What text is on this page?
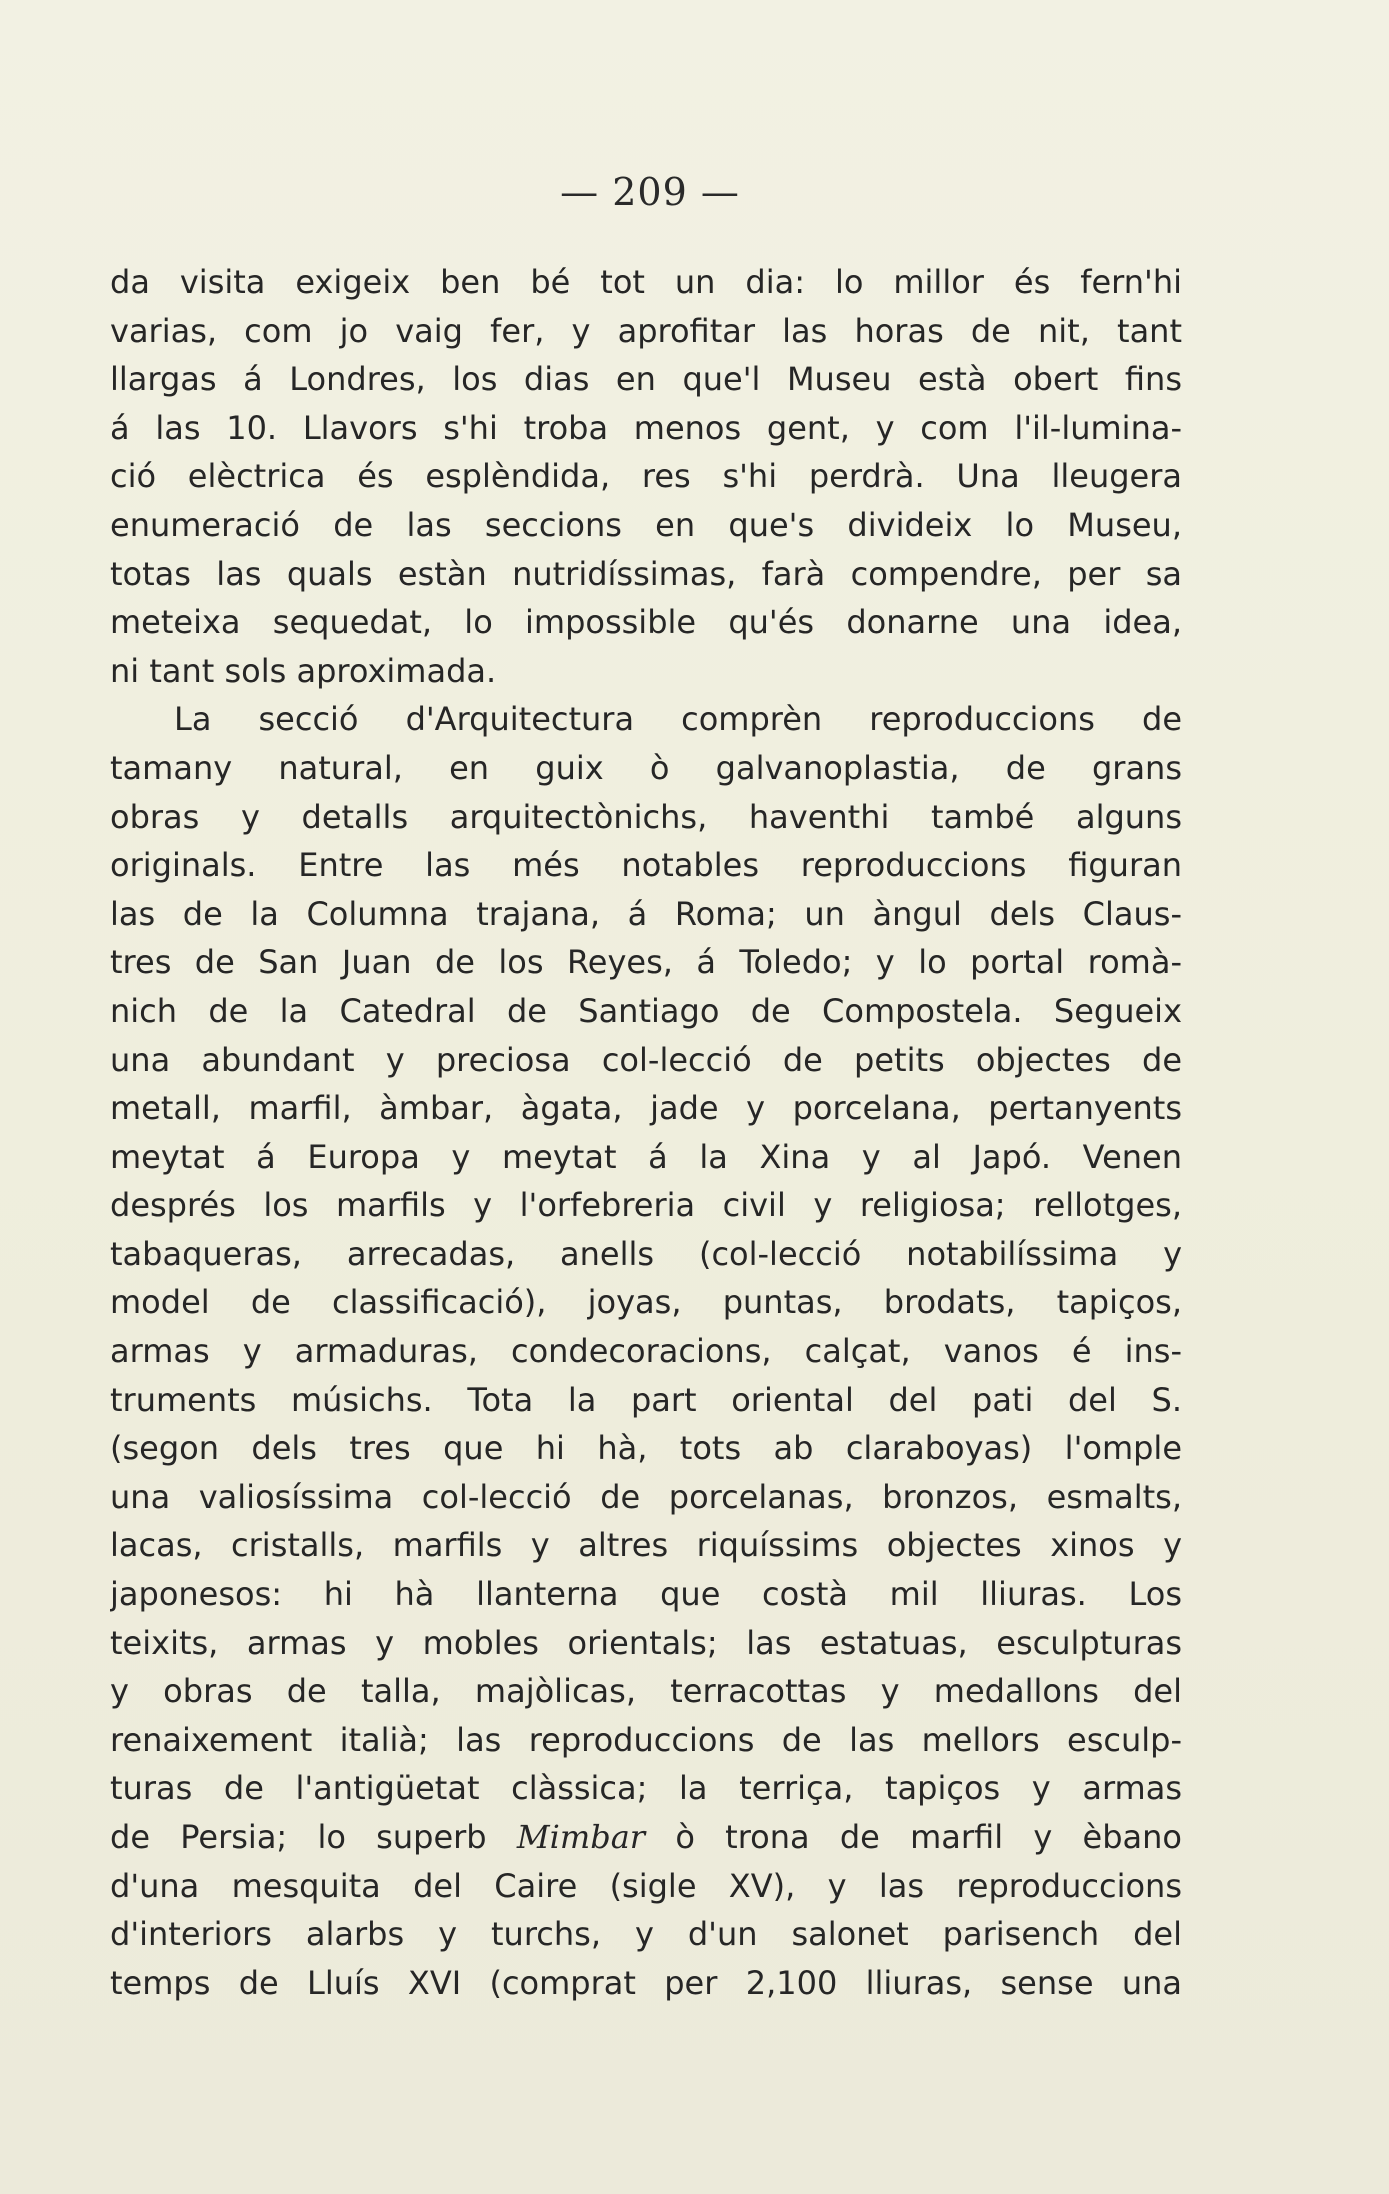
— 209 —
da visita exigeix ben bé tot un dia: lo millor és fern'hi
varias, com jo vaig fer, y aprofitar las horas de nit, tant
llargas á Londres, los dias en que'l Museu està obert fins
á las 10. Llavors s'hi troba menos gent, y com l'il-lumina-
ció elèctrica és esplèndida, res s'hi perdrà. Una lleugera
enumeració de las seccions en que's divideix lo Museu,
totas las quals estàn nutridíssimas, farà compendre, per sa
meteixa sequedat, lo impossible qu'és donarne una idea,
ni tant sols aproximada.
La secció d'Arquitectura comprèn reproduccions de
tamany natural, en guix ò galvanoplastia, de grans
obras y detalls arquitectònichs, haventhi també alguns
originals. Entre las més notables reproduccions figuran
las de la Columna trajana, á Roma; un àngul dels Claus-
tres de San Juan de los Reyes, á Toledo; y lo portal romà-
nich de la Catedral de Santiago de Compostela. Segueix
una abundant y preciosa col-lecció de petits objectes de
metall, marfil, àmbar, àgata, jade y porcelana, pertanyents
meytat á Europa y meytat á la Xina y al Japó. Venen
després los marfils y l'orfebreria civil y religiosa; rellotges,
tabaqueras, arrecadas, anells (col-lecció notabilíssima y
model de classificació), joyas, puntas, brodats, tapiços,
armas y armaduras, condecoracions, calçat, vanos é ins-
truments músichs. Tota la part oriental del pati del S.
(segon dels tres que hi hà, tots ab claraboyas) l'omple
una valiosíssima col-lecció de porcelanas, bronzos, esmalts,
lacas, cristalls, marfils y altres riquíssims objectes xinos y
japonesos: hi hà llanterna que costà mil lliuras. Los
teixits, armas y mobles orientals; las estatuas, esculpturas
y obras de talla, majòlicas, terracottas y medallons del
renaixement italià; las reproduccions de las mellors esculp-
turas de l'antigüetat clàssica; la terriça, tapiços y armas
de Persia; lo superb Mimbar ò trona de marfil y èbano
d'una mesquita del Caire (sigle XV), y las reproduccions
d'interiors alarbs y turchs, y d'un salonet parisench del
temps de Lluís XVI (comprat per 2,100 lliuras, sense una
